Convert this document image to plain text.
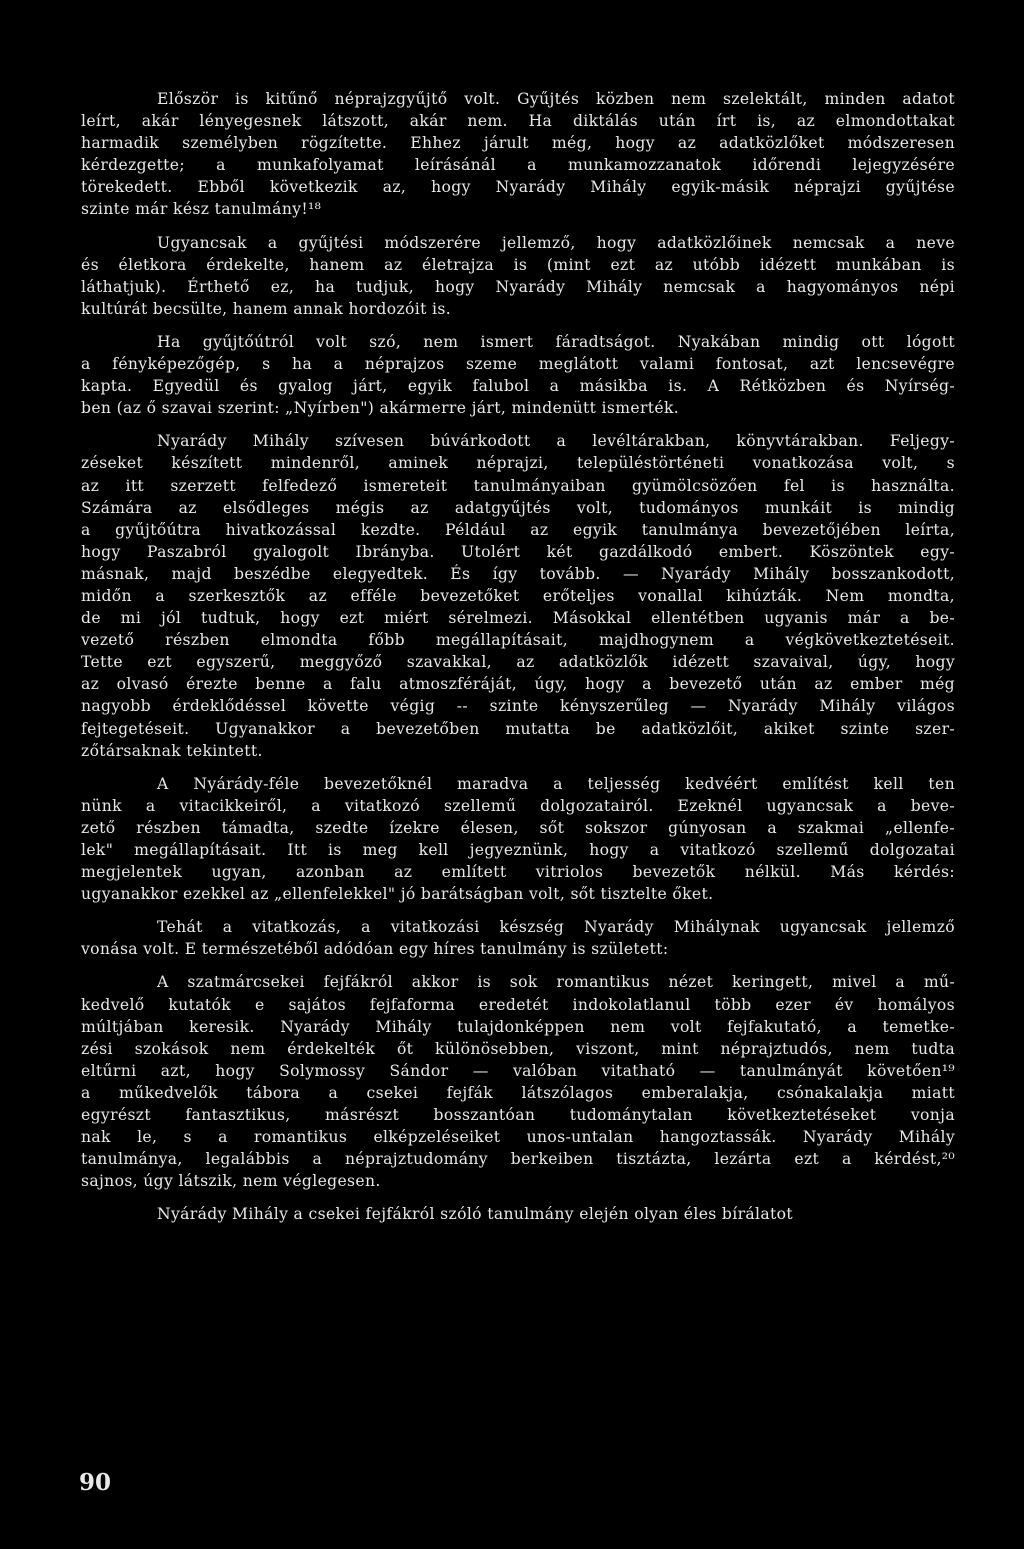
Először is kitűnő néprajzgyűjtő volt. Gyűjtés közben nem szelektált, minden adatot
leírt, akár lényegesnek látszott, akár nem. Ha diktálás után írt is, az elmondottakat
harmadik személyben rögzítette. Ehhez járult még, hogy az adatközlőket módszeresen
kérdezgette; a munkafolyamat leírásánál a munkamozzanatok időrendi lejegyzésére
törekedett. Ebből következik az, hogy Nyarády Mihály egyik-másik néprajzi gyűjtése
szinte már kész tanulmány!¹⁸
Ugyancsak a gyűjtési módszerére jellemző, hogy adatközlőinek nemcsak a neve
és életkora érdekelte, hanem az életrajza is (mint ezt az utóbb idézett munkában is
láthatjuk). Érthető ez, ha tudjuk, hogy Nyarády Mihály nemcsak a hagyományos népi
kultúrát becsülte, hanem annak hordozóit is.
Ha gyűjtőútról volt szó, nem ismert fáradtságot. Nyakában mindig ott lógott
a fényképezőgép, s ha a néprajzos szeme meglátott valami fontosat, azt lencsevégre
kapta. Egyedül és gyalog járt, egyik falubol a másikba is. A Rétközben és Nyírség-
ben (az ő szavai szerint: „Nyírben") akármerre járt, mindenütt ismerték.
Nyarády Mihály szívesen búvárkodott a levéltárakban, könyvtárakban. Feljegy-
zéseket készített mindenről, aminek néprajzi, településtörténeti vonatkozása volt, s
az itt szerzett felfedező ismereteit tanulmányaiban gyümölcsözően fel is használta.
Számára az elsődleges mégis az adatgyűjtés volt, tudományos munkáit is mindig
a gyűjtőútra hivatkozással kezdte. Például az egyik tanulmánya bevezetőjében leírta,
hogy Paszabról gyalogolt Ibrányba. Utolért két gazdálkodó embert. Köszöntek egy-
másnak, majd beszédbe elegyedtek. És így tovább. — Nyarády Mihály bosszankodott,
midőn a szerkesztők az efféle bevezetőket erőteljes vonallal kihúzták. Nem mondta,
de mi jól tudtuk, hogy ezt miért sérelmezi. Másokkal ellentétben ugyanis már a be-
vezető részben elmondta főbb megállapításait, majdhogynem a végkövetkeztetéseit.
Tette ezt egyszerű, meggyőző szavakkal, az adatközlők idézett szavaival, úgy, hogy
az olvasó érezte benne a falu atmoszféráját, úgy, hogy a bevezető után az ember még
nagyobb érdeklődéssel követte végig -- szinte kényszerűleg — Nyarády Mihály világos
fejtegetéseit. Ugyanakkor a bevezetőben mutatta be adatközlőit, akiket szinte szer-
zőtársaknak tekintett.
A Nyárády-féle bevezetőknél maradva a teljesség kedvéért említést kell ten
nünk a vitacikkeiről, a vitatkozó szellemű dolgozatairól. Ezeknél ugyancsak a beve-
zető részben támadta, szedte ízekre élesen, sőt sokszor gúnyosan a szakmai „ellenfe-
lek" megállapításait. Itt is meg kell jegyeznünk, hogy a vitatkozó szellemű dolgozatai
megjelentek ugyan, azonban az említett vitriolos bevezetők nélkül. Más kérdés:
ugyanakkor ezekkel az „ellenfelekkel" jó barátságban volt, sőt tisztelte őket.
Tehát a vitatkozás, a vitatkozási készség Nyarády Mihálynak ugyancsak jellemző
vonása volt. E természetéből adódóan egy híres tanulmány is született:
A szatmárcsekei fejfákról akkor is sok romantikus nézet keringett, mivel a mű-
kedvelő kutatók e sajátos fejfaforma eredetét indokolatlanul több ezer év homályos
múltjában keresik. Nyarády Mihály tulajdonképpen nem volt fejfakutató, a temetke-
zési szokások nem érdekelték őt különösebben, viszont, mint néprajztudós, nem tudta
eltűrni azt, hogy Solymossy Sándor — valóban vitatható — tanulmányát követően¹⁹
a műkedvelők tábora a csekei fejfák látszólagos emberalakja, csónakalakja miatt
egyrészt fantasztikus, másrészt bosszantóan tudománytalan következtetéseket vonja
nak le, s a romantikus elképzeléseiket unos-untalan hangoztassák. Nyarády Mihály
tanulmánya, legalábbis a néprajztudomány berkeiben tisztázta, lezárta ezt a kérdést,²⁰
sajnos, úgy látszik, nem véglegesen.
Nyárády Mihály a csekei fejfákról szóló tanulmány elején olyan éles bírálatot
90
